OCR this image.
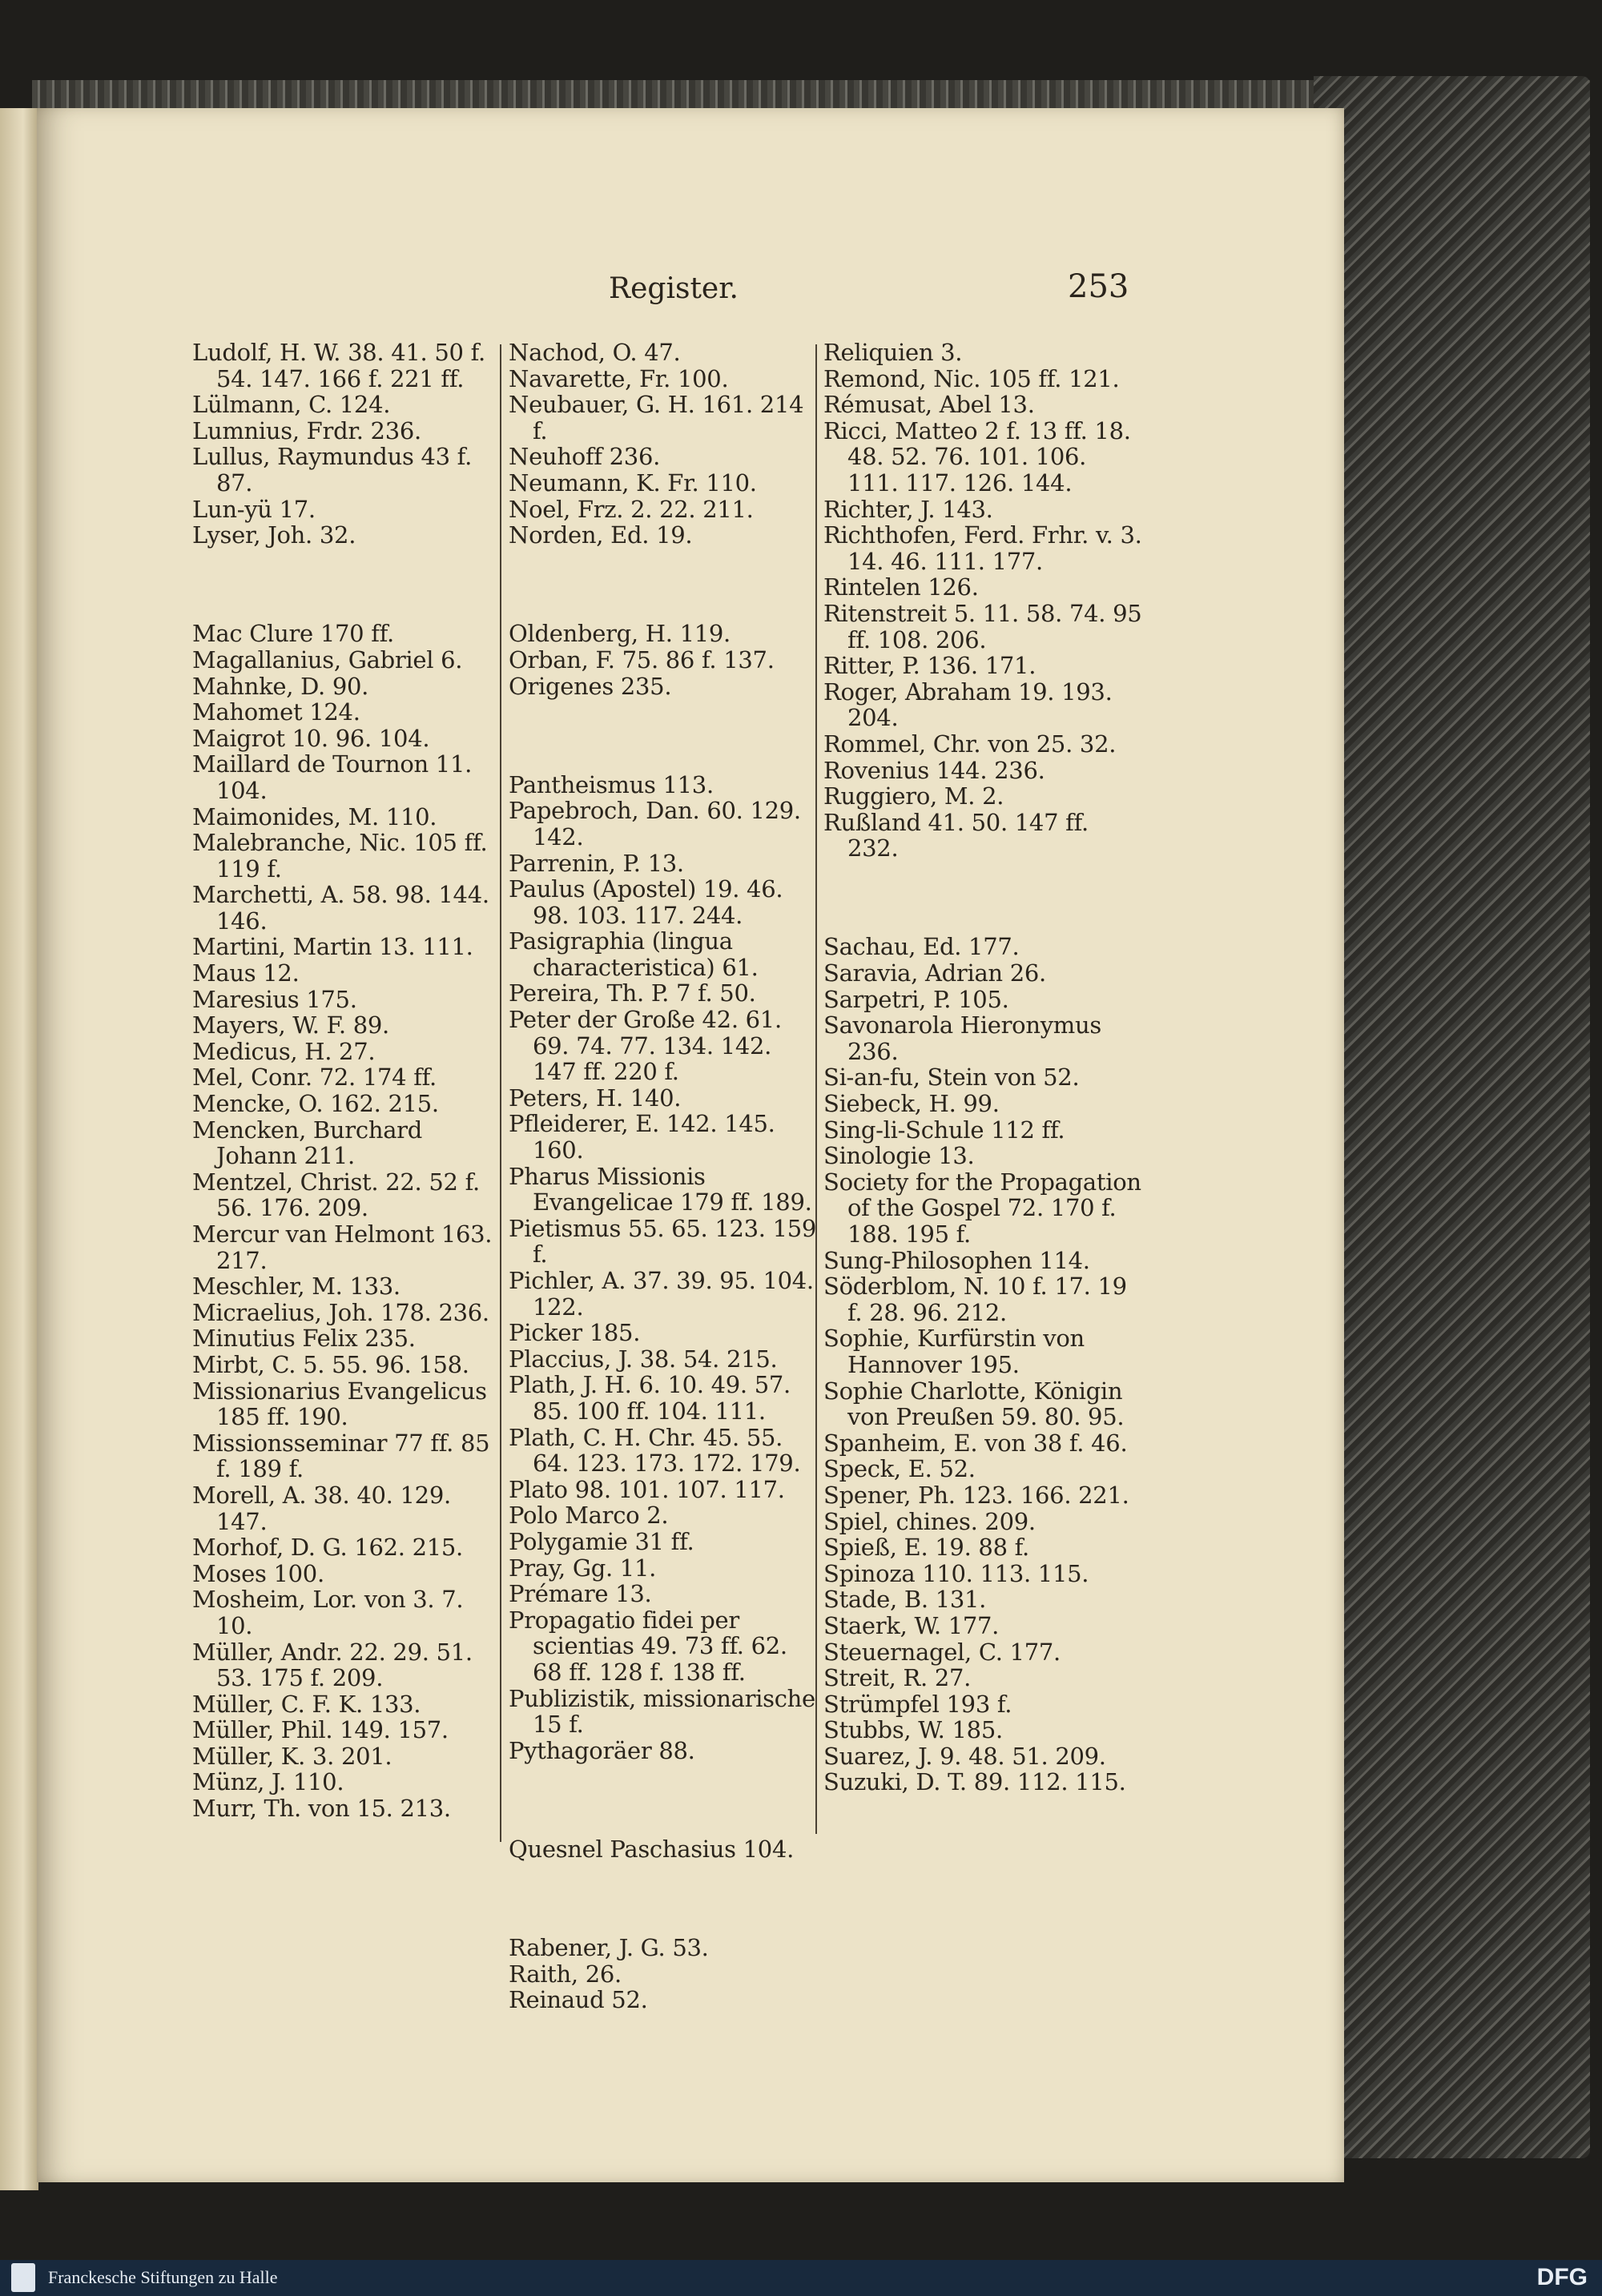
Register.	253

Ludolf, H. W. 38. 41. 50 f. 54. 147. 166 f. 221 ff.

Lülmann, C. 124.

Lumnius, Frdr. 236.

Lullus, Raymundus 43 f. 87.

Lun-yü 17.

Lyser, Joh. 32.

Mac Clure 170 ff.

Magallanius, Gabriel 6.

Mahnke, D. 90.

Mahomet 124.

Maigrot 10. 96. 104.

Maillard de Tournon 11. 104.

Maimonides, M. 110.

Malebranche, Nic. 105 ff. 119 f.

Marchetti, A. 58. 98. 144. 146.

Martini, Martin 13. 111.

Maus 12.

Maresius 175.

Mayers, W. F. 89.

Medicus, H. 27.

Mel, Conr. 72. 174 ff.

Mencke, O. 162. 215.

Mencken, Burchard Johann 211.

Mentzel, Christ. 22. 52 f. 56. 176. 209.

Mercur van Helmont 163. 217.

Meschler, M. 133.

Micraelius, Joh. 178. 236.

Minutius Felix 235.

Mirbt, C. 5. 55. 96. 158.

Missionarius Evangelicus 185 ff. 190.

Missionsseminar 77 ff. 85 f. 189 f.

Morell, A. 38. 40. 129. 147.

Morhof, D. G. 162. 215.

Moses 100.

Mosheim, Lor. von 3. 7. 10.

Müller, Andr. 22. 29. 51. 53. 175 f. 209.

Müller, C. F. K. 133.

Müller, Phil. 149. 157.

Müller, K. 3. 201.

Münz, J. 110.

Murr, Th. von 15. 213.

Nachod, O. 47.

Navarette, Fr. 100.

Neubauer, G. H. 161. 214 f.

Neuhoff 236.

Neumann, K. Fr. 110.

Noel, Frz. 2. 22. 211.

Norden, Ed. 19.

Oldenberg, H. 119.

Orban, F. 75. 86 f. 137.

Origenes 235.

Pantheismus 113.

Papebroch, Dan. 60. 129. 142.

Parrenin, P. 13.

Paulus (Apostel) 19. 46. 98. 103. 117. 244.

Pasigraphia (lingua characteristica) 61.

Pereira, Th. P. 7 f. 50.

Peter der Große 42. 61. 69. 74. 77. 134. 142. 147 ff. 220 f.

Peters, H. 140.

Pfleiderer, E. 142. 145. 160.

Pharus Missionis Evangelicae 179 ff. 189.

Pietismus 55. 65. 123. 159 f.

Pichler, A. 37. 39. 95. 104. 122.

Picker 185.

Placcius, J. 38. 54. 215.

Plath, J. H. 6. 10. 49. 57. 85. 100 ff. 104. 111.

Plath, C. H. Chr. 45. 55. 64. 123. 173. 172. 179.

Plato 98. 101. 107. 117.

Polo Marco 2.

Polygamie 31 ff.

Pray, Gg. 11.

Prémare 13.

Propagatio fidei per scientias 49. 73 ff. 62. 68 ff. 128 f. 138 ff.

Publizistik, missionarische 15 f.

Pythagoräer 88.

Quesnel Paschasius 104.

Rabener, J. G. 53.

Raith, 26.

Reinaud 52.

Reliquien 3.

Remond, Nic. 105 ff. 121.

Rémusat, Abel 13.

Ricci, Matteo 2 f. 13 ff. 18. 48. 52. 76. 101. 106. 111. 117. 126. 144.

Richter, J. 143.

Richthofen, Ferd. Frhr. v. 3. 14. 46. 111. 177.

Rintelen 126.

Ritenstreit 5. 11. 58. 74. 95 ff. 108. 206.

Ritter, P. 136. 171.

Roger, Abraham 19. 193. 204.

Rommel, Chr. von 25. 32.

Rovenius 144. 236.

Ruggiero, M. 2.

Rußland 41. 50. 147 ff. 232.

Sachau, Ed. 177.

Saravia, Adrian 26.

Sarpetri, P. 105.

Savonarola Hieronymus 236.

Si-an-fu, Stein von 52.

Siebeck, H. 99.

Sing-li-Schule 112 ff.

Sinologie 13.

Society for the Propagation of the Gospel 72. 170 f. 188. 195 f.

Sung-Philosophen 114.

Söderblom, N. 10 f. 17. 19 f. 28. 96. 212.

Sophie, Kurfürstin von Hannover 195.

Sophie Charlotte, Königin von Preußen 59. 80. 95.

Spanheim, E. von 38 f. 46.

Speck, E. 52.

Spener, Ph. 123. 166. 221.

Spiel, chines. 209.

Spieß, E. 19. 88 f.

Spinoza 110. 113. 115.

Stade, B. 131.

Staerk, W. 177.

Steuernagel, C. 177.

Streit, R. 27.

Strümpfel 193 f.

Stubbs, W. 185.

Suarez, J. 9. 48. 51. 209.

Suzuki, D. T. 89. 112. 115.

Franckesche Stiftungen zu Halle	DFG
